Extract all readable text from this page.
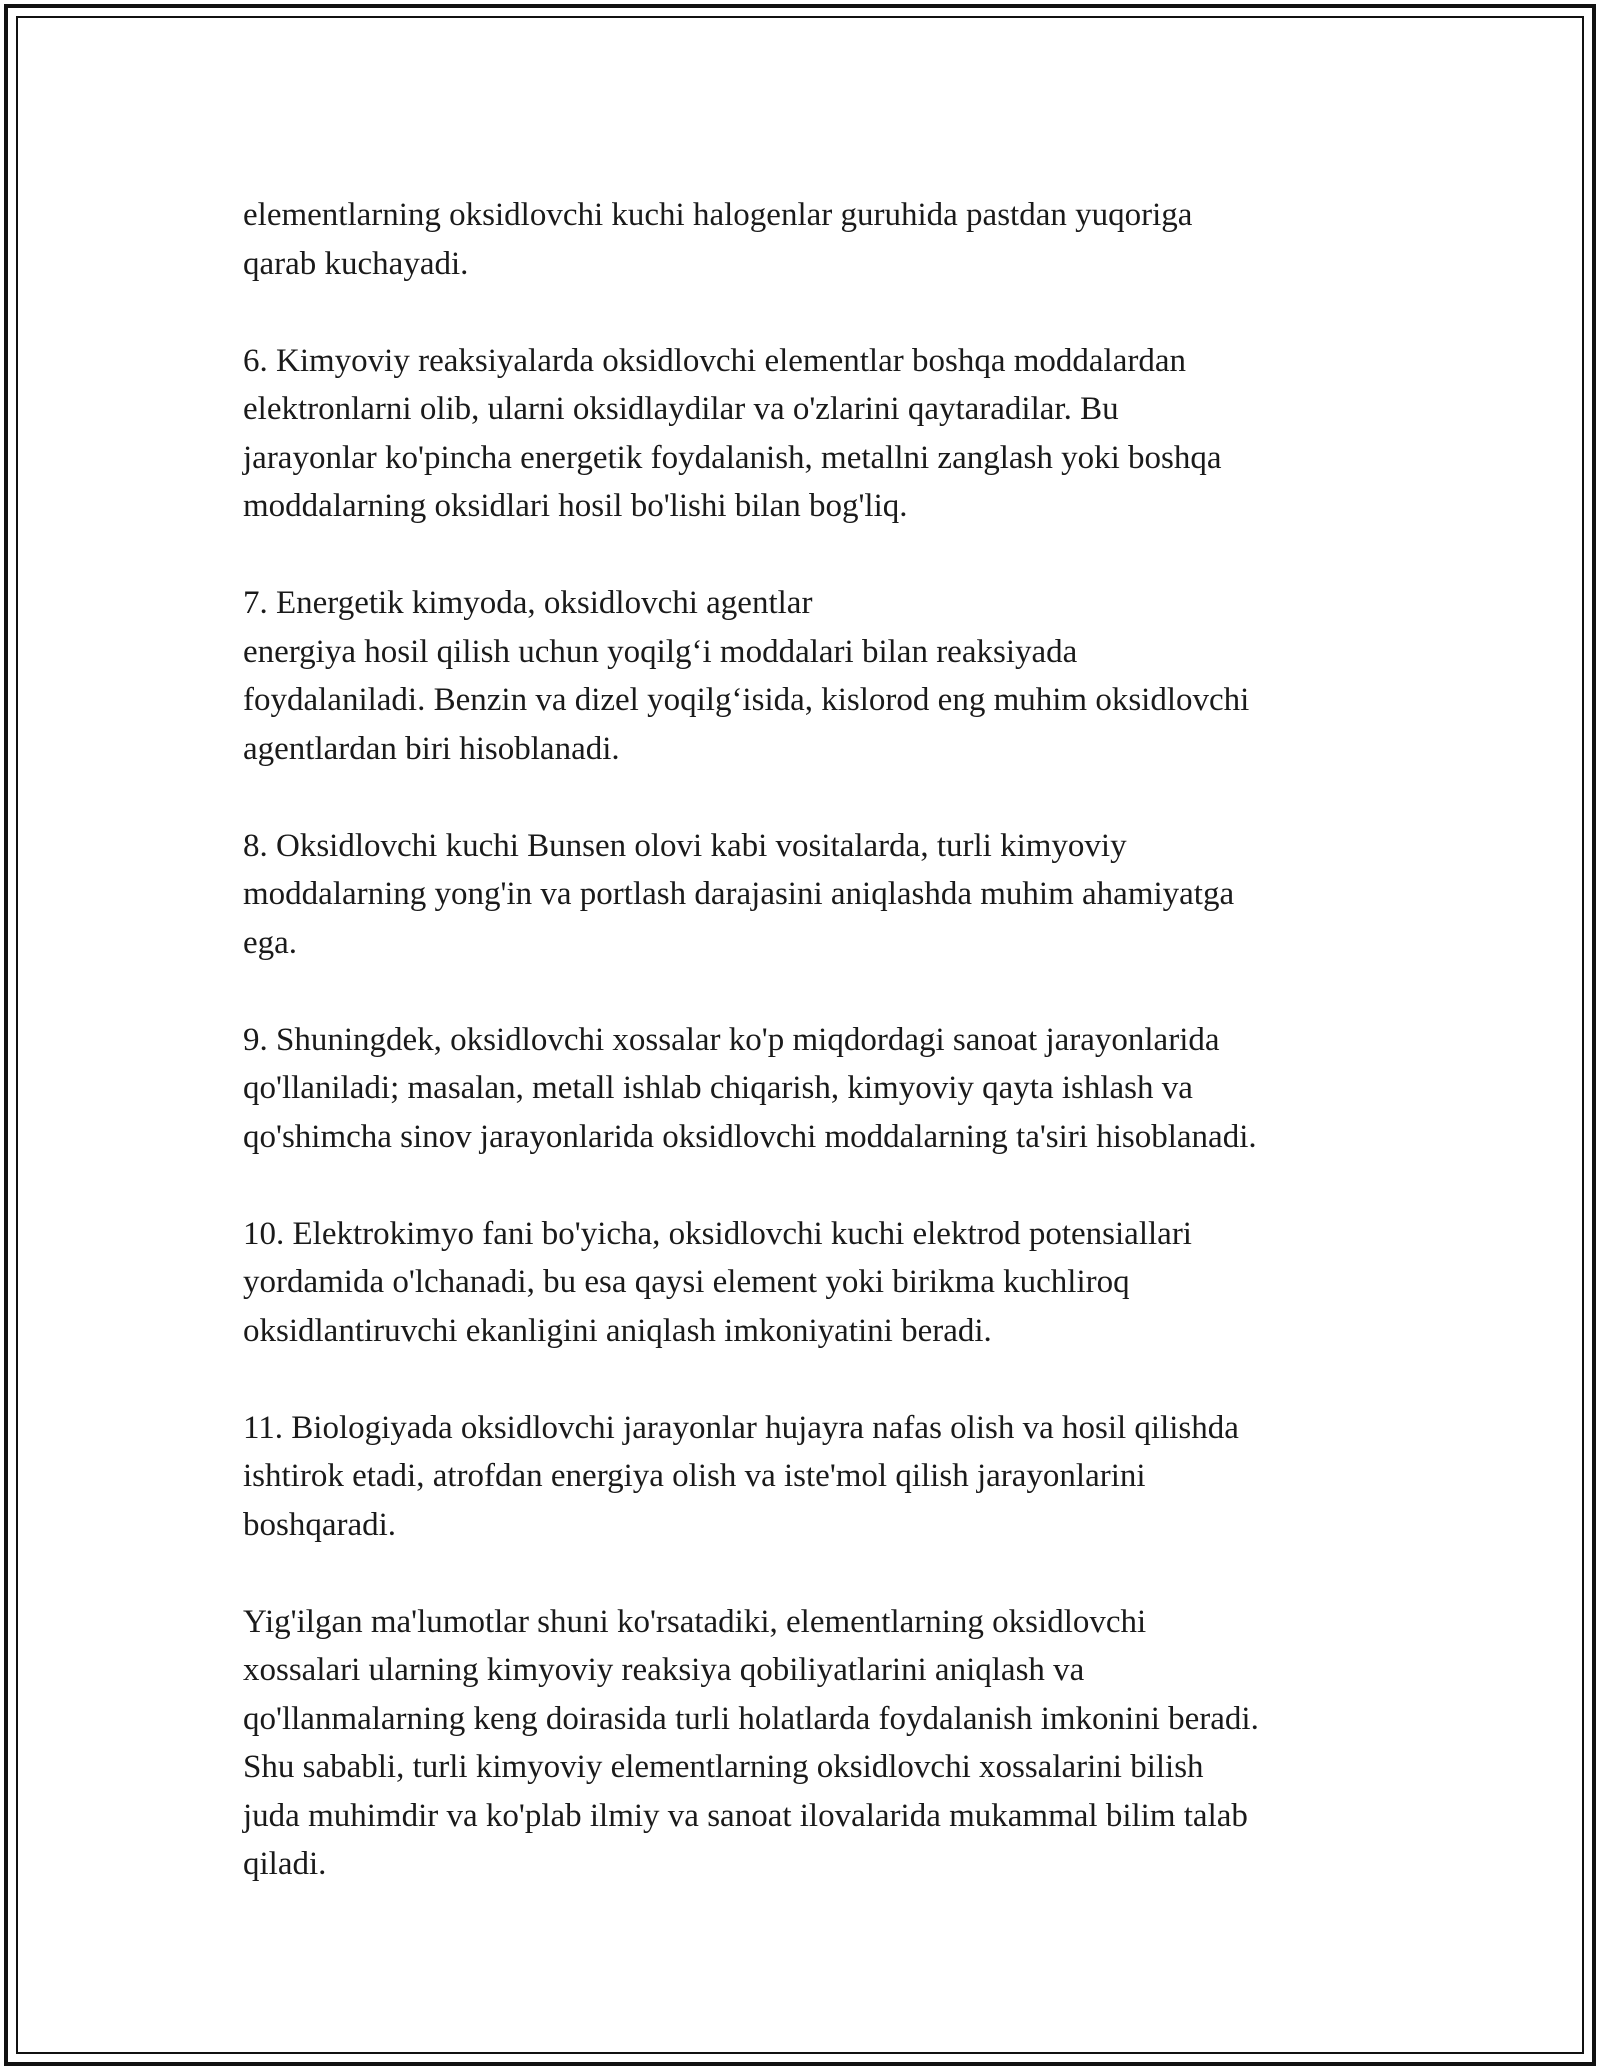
elementlarning oksidlovchi kuchi halogenlar guruhida pastdan yuqoriga
qarab kuchayadi.

6. Kimyoviy reaksiyalarda oksidlovchi elementlar boshqa moddalardan
elektronlarni olib, ularni oksidlaydilar va o'zlarini qaytaradilar. Bu
jarayonlar ko'pincha energetik foydalanish, metallni zanglash yoki boshqa
moddalarning oksidlari hosil bo'lishi bilan bog'liq.

7. Energetik kimyoda, oksidlovchi agentlar
energiya hosil qilish uchun yoqilg‘i moddalari bilan reaksiyada
foydalaniladi. Benzin va dizel yoqilg‘isida, kislorod eng muhim oksidlovchi
agentlardan biri hisoblanadi.

8. Oksidlovchi kuchi Bunsen olovi kabi vositalarda, turli kimyoviy
moddalarning yong'in va portlash darajasini aniqlashda muhim ahamiyatga
ega.

9. Shuningdek, oksidlovchi xossalar ko'p miqdordagi sanoat jarayonlarida
qo'llaniladi; masalan, metall ishlab chiqarish, kimyoviy qayta ishlash va
qo'shimcha sinov jarayonlarida oksidlovchi moddalarning ta'siri hisoblanadi.

10. Elektrokimyo fani bo'yicha, oksidlovchi kuchi elektrod potensiallari
yordamida o'lchanadi, bu esa qaysi element yoki birikma kuchliroq
oksidlantiruvchi ekanligini aniqlash imkoniyatini beradi.

11. Biologiyada oksidlovchi jarayonlar hujayra nafas olish va hosil qilishda
ishtirok etadi, atrofdan energiya olish va iste'mol qilish jarayonlarini
boshqaradi.

Yig'ilgan ma'lumotlar shuni ko'rsatadiki, elementlarning oksidlovchi
xossalari ularning kimyoviy reaksiya qobiliyatlarini aniqlash va
qo'llanmalarning keng doirasida turli holatlarda foydalanish imkonini beradi.
Shu sababli, turli kimyoviy elementlarning oksidlovchi xossalarini bilish
juda muhimdir va ko'plab ilmiy va sanoat ilovalarida mukammal bilim talab
qiladi.
